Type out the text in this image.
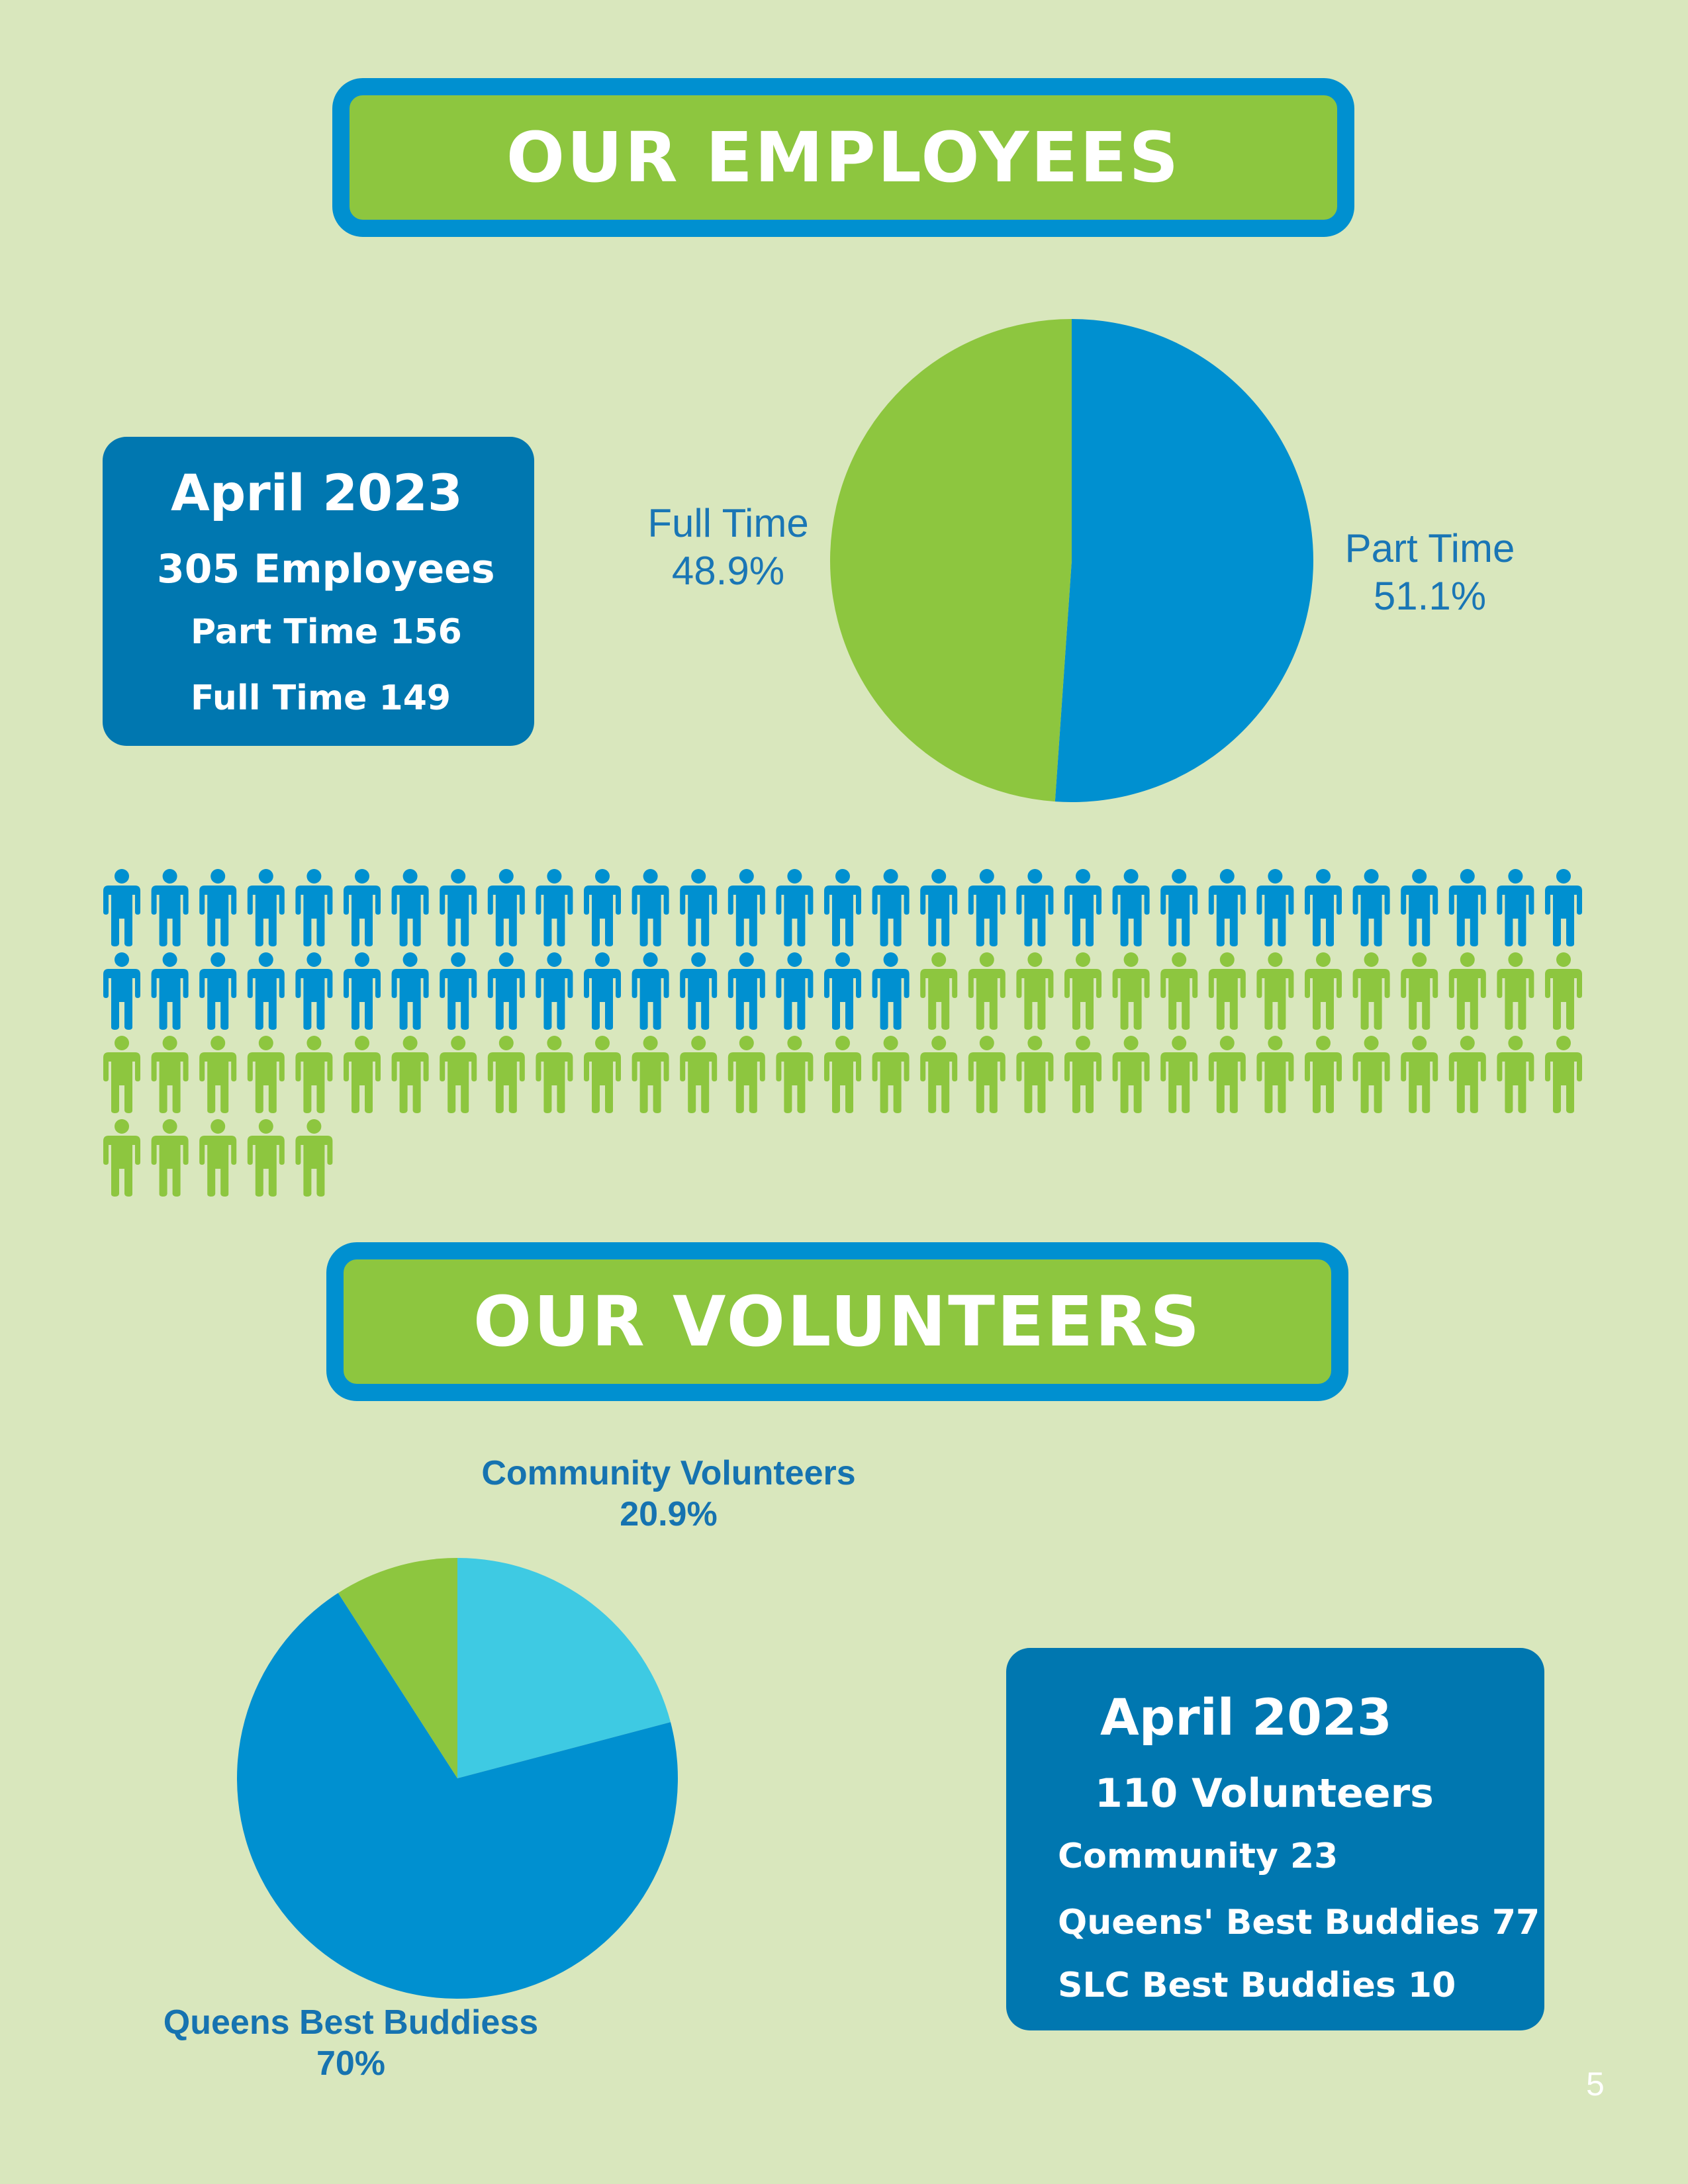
OUR EMPLOYEES
April 2023
305 Employees
Part Time 156
Full Time 149
Full Time
48.9%
Part Time
51.1%
OUR VOLUNTEERS
Community Volunteers
20.9%
Queens Best Buddiess
70%
April 2023
110 Volunteers
Community 23
Queens' Best Buddies 77
SLC Best Buddies 10
5
